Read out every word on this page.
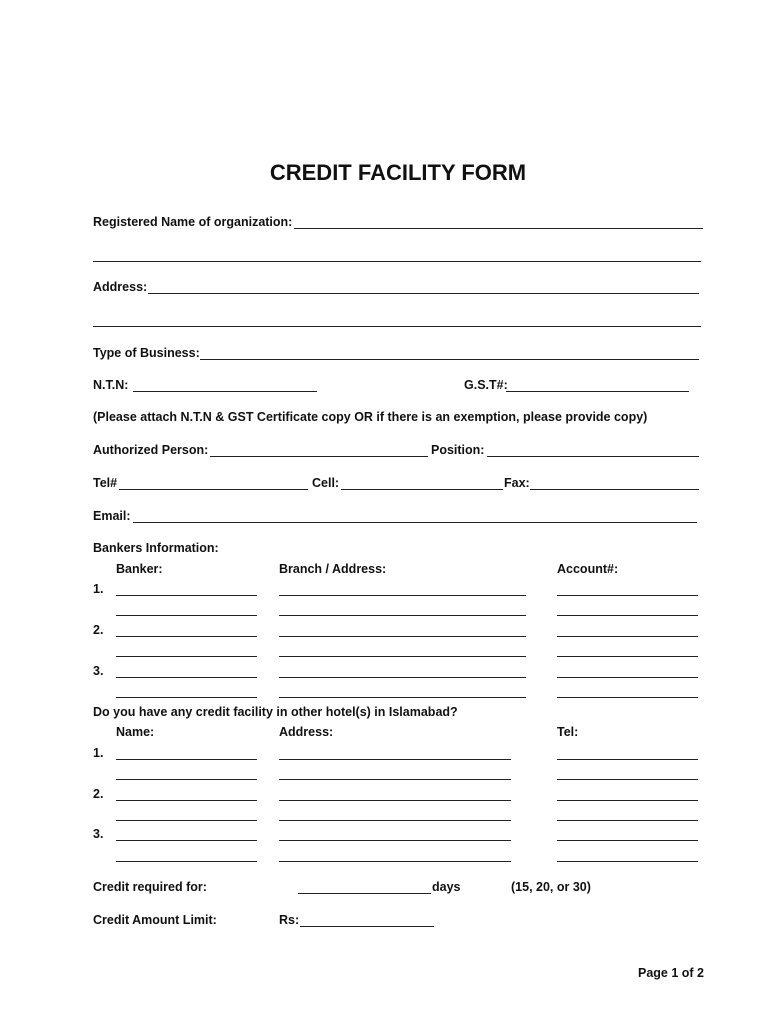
CREDIT FACILITY FORM
Registered Name of organization:
Address:
Type of Business:
N.T.N:	G.S.T#:
(Please attach N.T.N & GST Certificate copy OR if there is an exemption, please provide copy)
Authorized Person:	Position:
Tel#	Cell:	Fax:
Email:
Bankers Information:
Banker:	Branch / Address:	Account#:
1.
2.
3.
Do you have any credit facility in other hotel(s) in Islamabad?
Name:	Address:	Tel:
1.
2.
3.
Credit required for:	days	(15, 20, or 30)
Credit Amount Limit:	Rs:
Page 1 of 2
